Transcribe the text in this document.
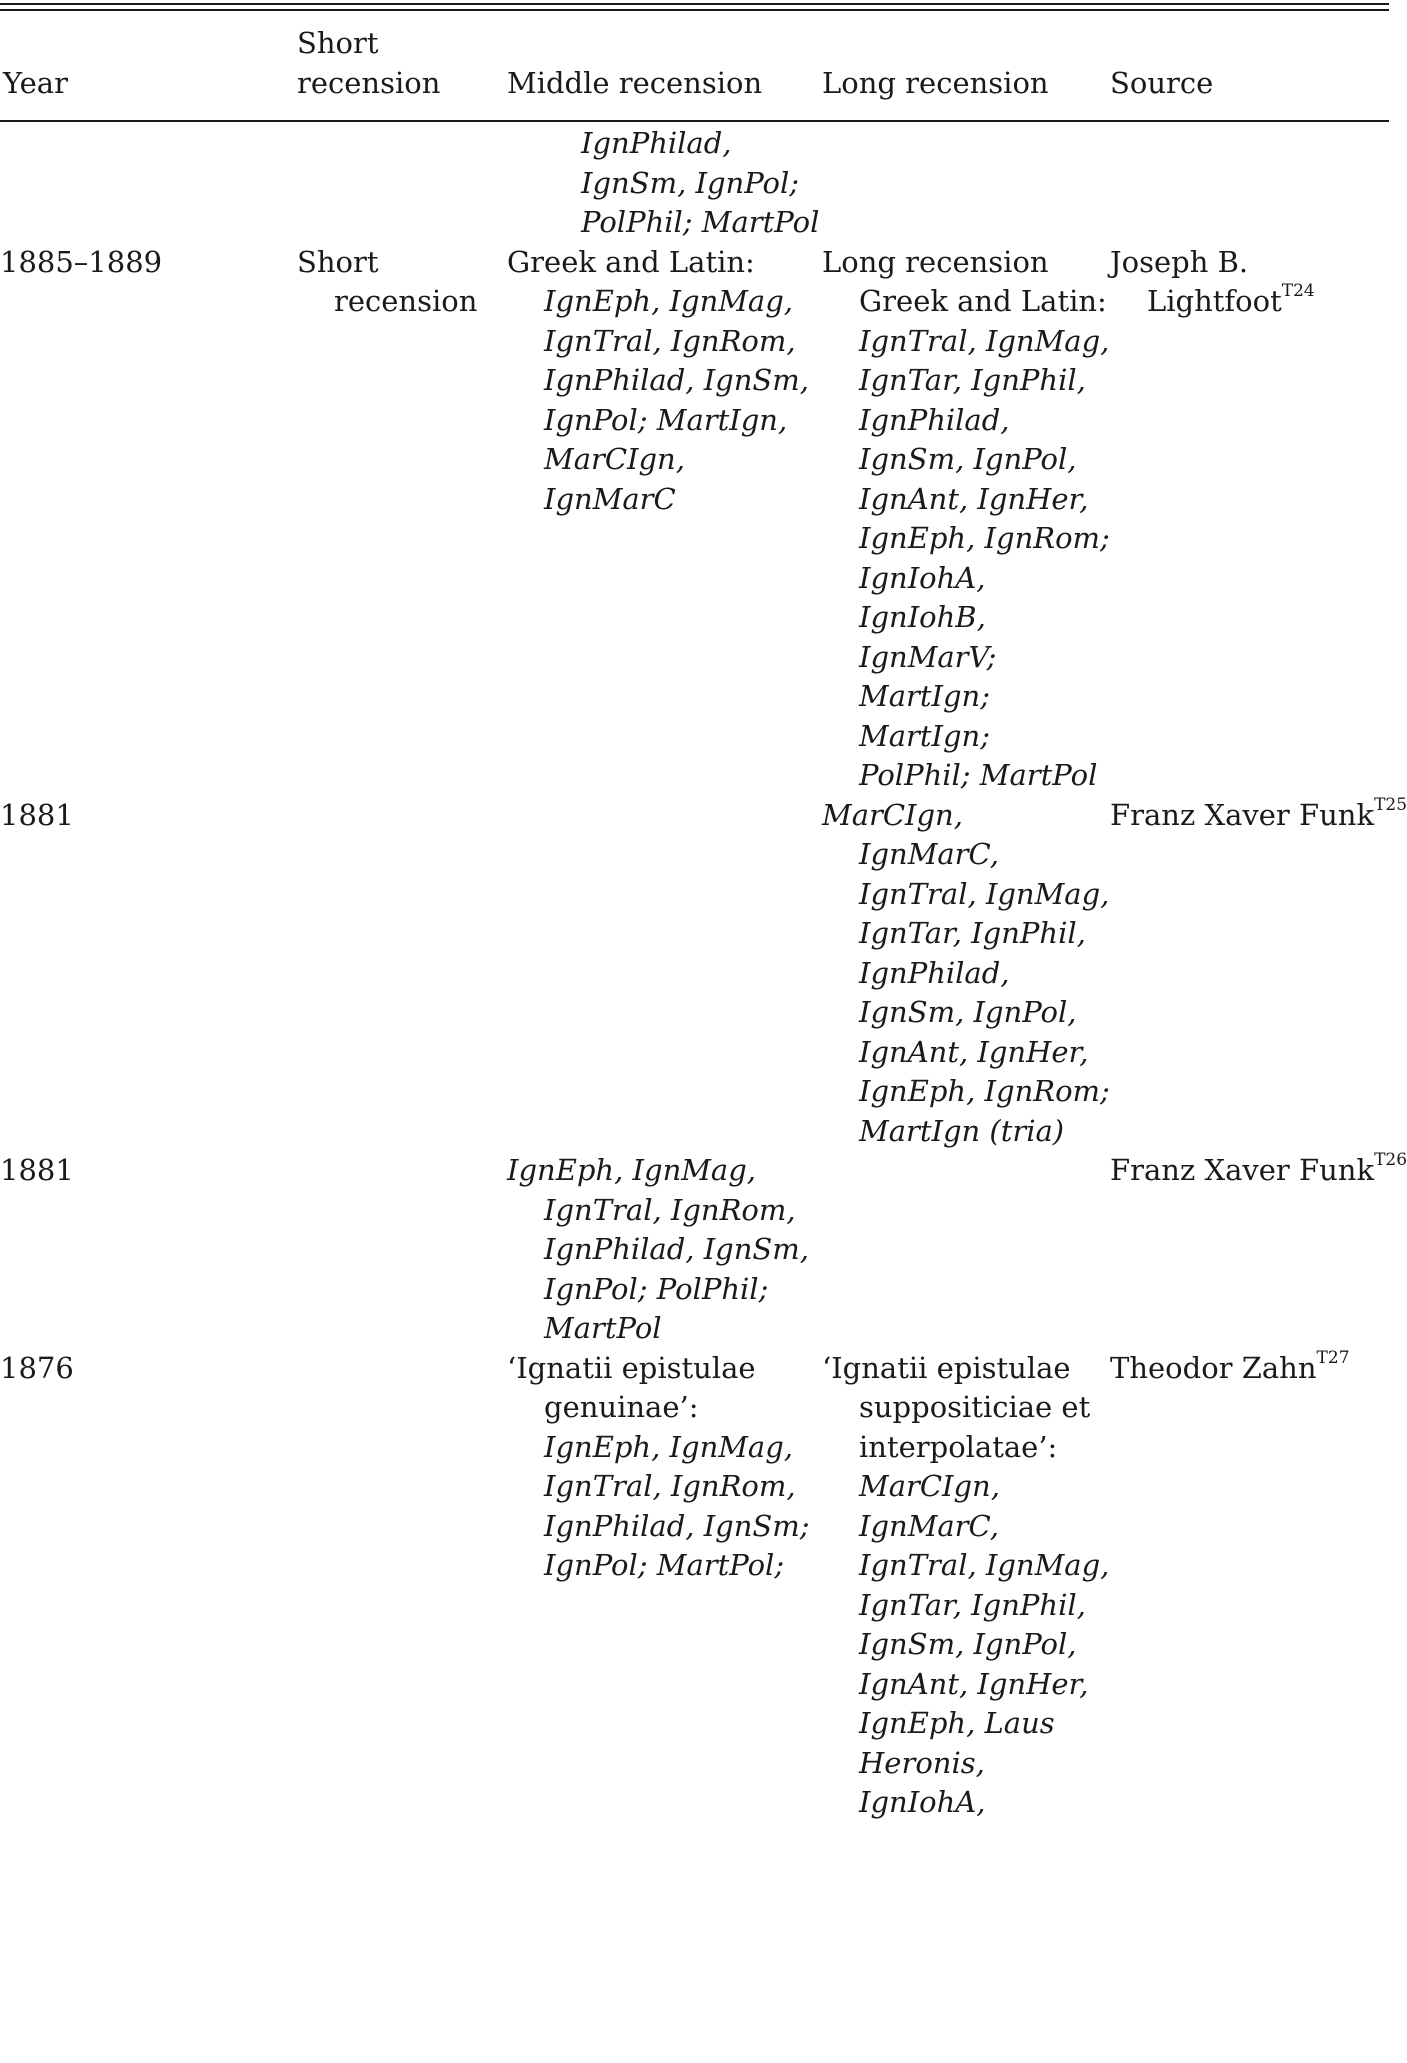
Year	Short recension	Middle recension	Long recension	Source
		IgnPhilad, IgnSm, IgnPol; PolPhil; MartPol		
1885–1889	Short recension	Greek and Latin: IgnEph, IgnMag, IgnTral, IgnRom, IgnPhilad, IgnSm, IgnPol; MartIgn, MarCIgn, IgnMarC	Long recension Greek and Latin: IgnTral, IgnMag, IgnTar, IgnPhil, IgnPhilad, IgnSm, IgnPol, IgnAnt, IgnHer, IgnEph, IgnRom; IgnIohA, IgnIohB, IgnMarV; MartIgn; MartIgn; PolPhil; MartPol	Joseph B. Lightfoot$^{T24}$
1881			MarCIgn, IgnMarC, IgnTral, IgnMag, IgnTar, IgnPhil, IgnPhilad, IgnSm, IgnPol, IgnAnt, IgnHer, IgnEph, IgnRom; MartIgn (tria)	Franz Xaver Funk$^{T25}$
1881		IgnEph, IgnMag, IgnTral, IgnRom, IgnPhilad, IgnSm, IgnPol; PolPhil; MartPol		Franz Xaver Funk$^{T26}$
1876		‘Ignatii epistulae genuinae’: IgnEph, IgnMag, IgnTral, IgnRom, IgnPhilad, IgnSm; IgnPol; MartPol;	‘Ignatii epistulae suppositiciae et interpolatae’: MarCIgn, IgnMarC, IgnTral, IgnMag, IgnTar, IgnPhil, IgnSm, IgnPol, IgnAnt, IgnHer, IgnEph, Laus Heronis, IgnIohA,	Theodor Zahn$^{T27}$
